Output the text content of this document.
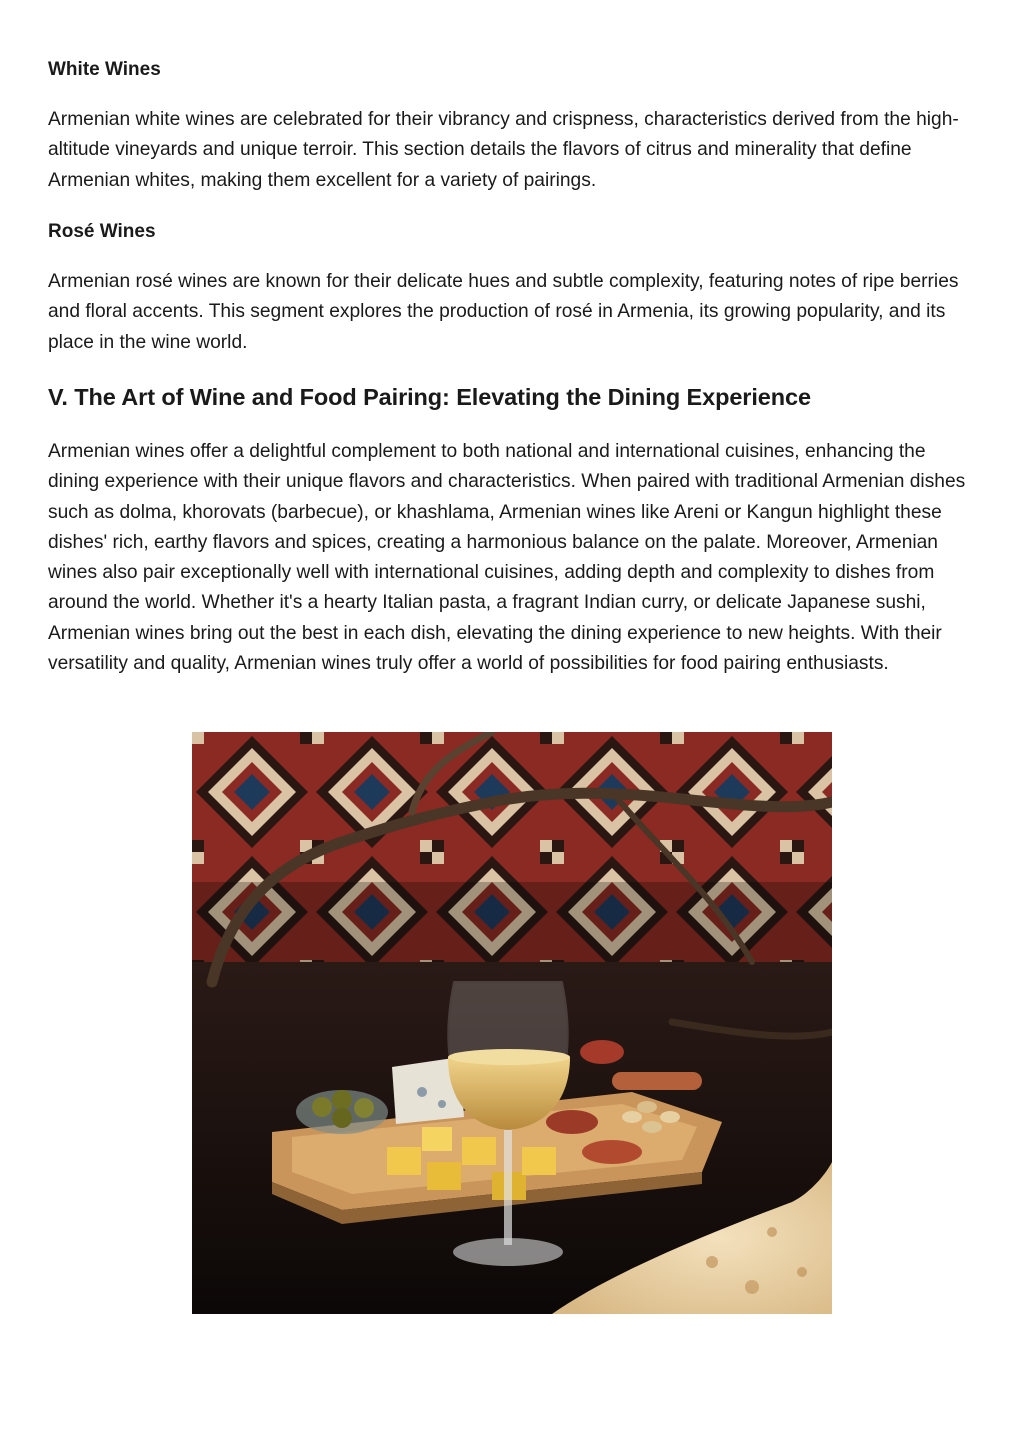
White Wines

Armenian white wines are celebrated for their vibrancy and crispness, characteristics derived from the high-altitude vineyards and unique terroir. This section details the flavors of citrus and minerality that define Armenian whites, making them excellent for a variety of pairings.

Rosé Wines

Armenian rosé wines are known for their delicate hues and subtle complexity, featuring notes of ripe berries and floral accents. This segment explores the production of rosé in Armenia, its growing popularity, and its place in the wine world.

V. The Art of Wine and Food Pairing: Elevating the Dining Experience

Armenian wines offer a delightful complement to both national and international cuisines, enhancing the dining experience with their unique flavors and characteristics. When paired with traditional Armenian dishes such as dolma, khorovats (barbecue), or khashlama, Armenian wines like Areni or Kangun highlight these dishes' rich, earthy flavors and spices, creating a harmonious balance on the palate. Moreover, Armenian wines also pair exceptionally well with international cuisines, adding depth and complexity to dishes from around the world. Whether it's a hearty Italian pasta, a fragrant Indian curry, or delicate Japanese sushi, Armenian wines bring out the best in each dish, elevating the dining experience to new heights. With their versatility and quality, Armenian wines truly offer a world of possibilities for food pairing enthusiasts.
